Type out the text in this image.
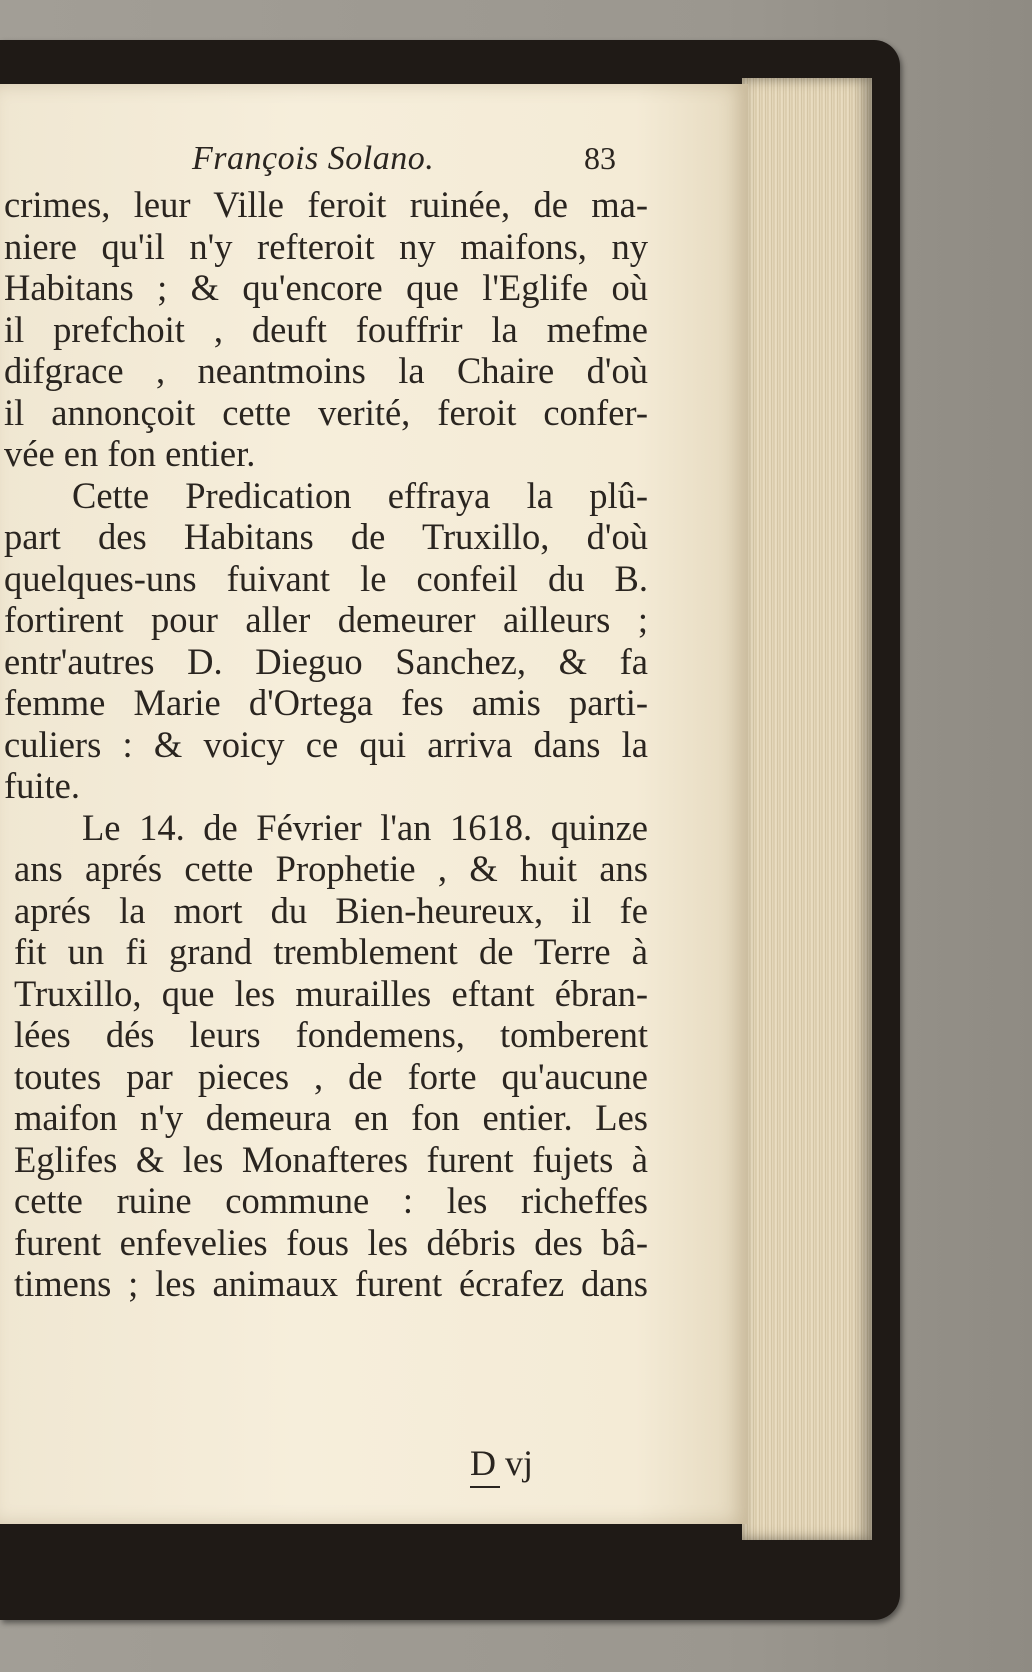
François Solano.	83
crimes, leur Ville feroit ruinée, de ma-
niere qu'il n'y refteroit ny maifons, ny
Habitans ; & qu'encore que l'Eglife où
il prefchoit , deuft fouffrir la mefme
difgrace , neantmoins la Chaire d'où
il annonçoit cette verité, feroit confer-
vée en fon entier.
Cette Predication effraya la plû-
part des Habitans de Truxillo, d'où
quelques-uns fuivant le confeil du B.
fortirent pour aller demeurer ailleurs ;
entr'autres D. Dieguo Sanchez, & fa
femme Marie d'Ortega fes amis parti-
culiers : & voicy ce qui arriva dans la
fuite.
Le 14. de Février l'an 1618. quinze
ans aprés cette Prophetie , & huit ans
aprés la mort du Bien-heureux, il fe
fit un fi grand tremblement de Terre à
Truxillo, que les murailles eftant ébran-
lées dés leurs fondemens, tomberent
toutes par pieces , de forte qu'aucune
maifon n'y demeura en fon entier. Les
Eglifes & les Monafteres furent fujets à
cette ruine commune : les richeffes
furent enfevelies fous les débris des bâ-
timens ; les animaux furent écrafez dans
D vj
